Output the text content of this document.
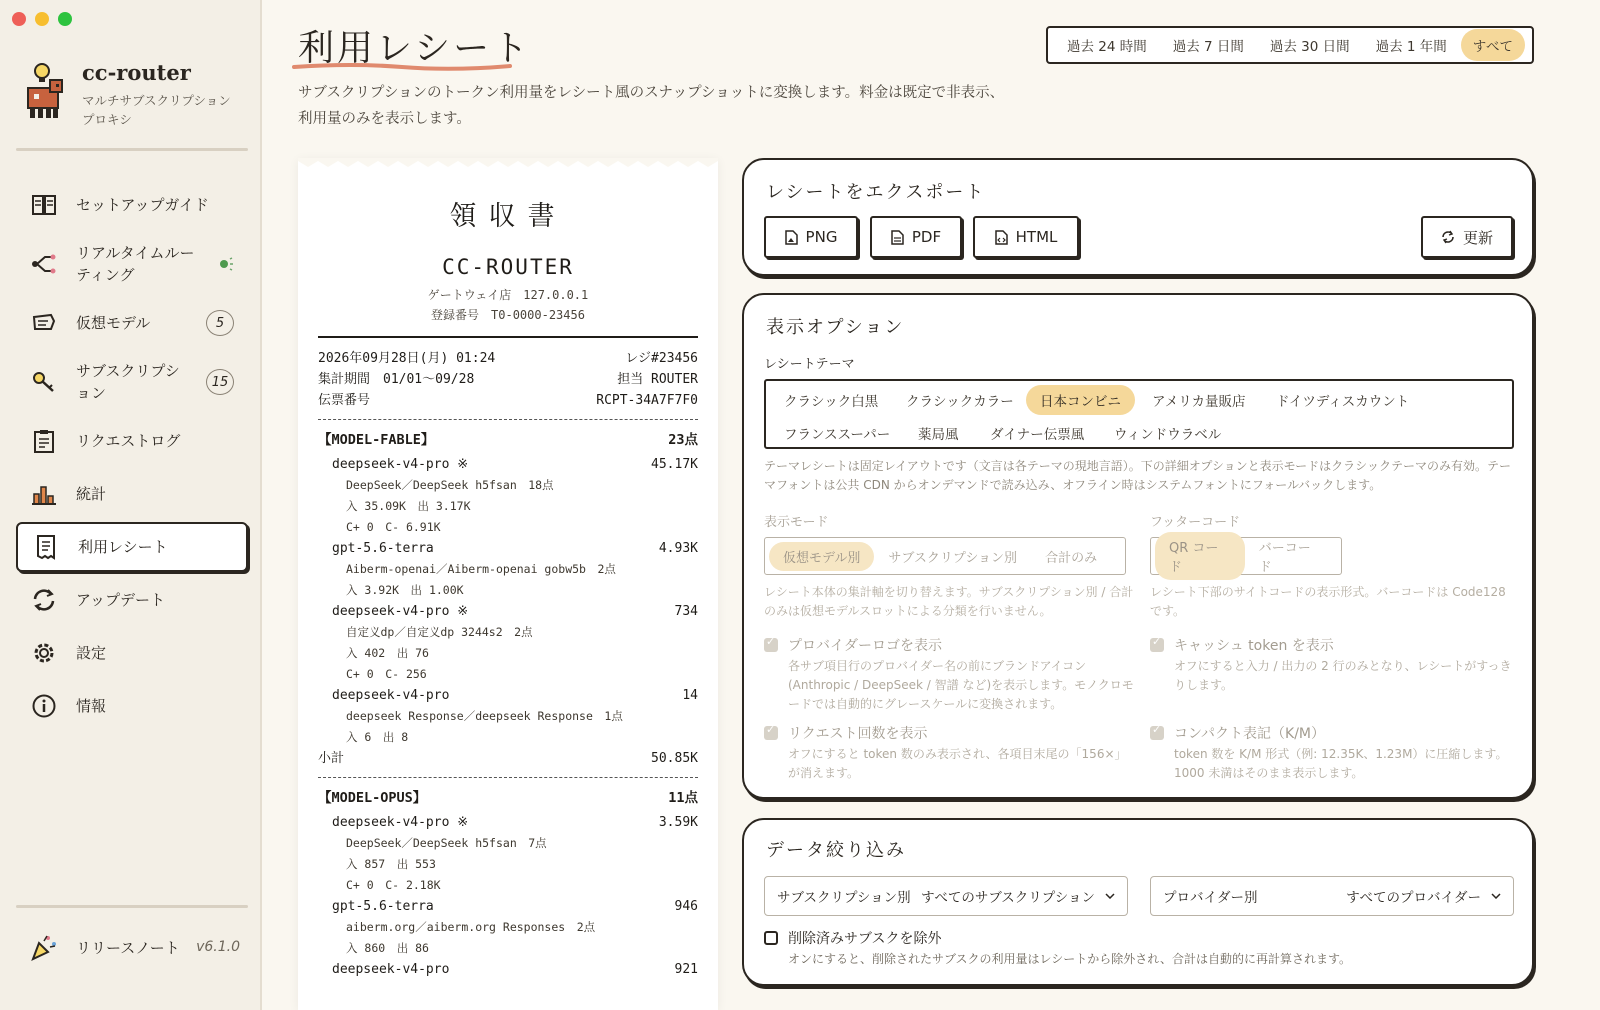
cc-router
マルチサブスクリプションプロキシ
セットアップガイド
リアルタイムルーティング
仮想モデル	5
サブスクリプション
15
リクエストログ
統計
利用レシート
アップデート
設定
情報
リリースノート v6.1.0
利用レシート
サブスクリプションのトークン利用量をレシート風のスナップショットに変換します。料金は既定で非表示、利用量のみを表示します。
過去 24 時間	過去 7 日間	過去 30 日間	過去 1 年間	すべて
領収書
CC-ROUTER
ゲートウェイ店　127.0.0.1
登録番号　T0-0000-23456
2026年09月28日(月) 01:24	レジ#23456
集計期間　01/01〜09/28	担当 ROUTER
伝票番号	RCPT-34A7F7F0
【MODEL-FABLE】	23点
deepseek-v4-pro ※	45.17K
DeepSeek／DeepSeek h5fsan　18点
入 35.09K　出 3.17K
C+ 0　C- 6.91K
gpt-5.6-terra	4.93K
Aiberm-openai／Aiberm-openai gobw5b　2点
入 3.92K　出 1.00K
deepseek-v4-pro ※	734
自定义dp／自定义dp 3244s2　2点
入 402　出 76
C+ 0　C- 256
deepseek-v4-pro	14
deepseek Response／deepseek Response　1点
入 6　出 8
小計	50.85K
【MODEL-OPUS】	11点
deepseek-v4-pro ※	3.59K
DeepSeek／DeepSeek h5fsan　7点
入 857　出 553
C+ 0　C- 2.18K
gpt-5.6-terra	946
aiberm.org／aiberm.org Responses　2点
入 860　出 86
deepseek-v4-pro	921
レシートをエクスポート
PNG	PDF	HTML	更新
表示オプション
レシートテーマ
クラシック白黒	クラシックカラー	日本コンビニ	アメリカ量販店	ドイツディスカウント
フランススーパー	薬局風	ダイナー伝票風	ウィンドウラベル
テーマレシートは固定レイアウトです（文言は各テーマの現地言語）。下の詳細オプションと表示モードはクラシックテーマのみ有効。テーマフォントは公共 CDN からオンデマンドで読み込み、オフライン時はシステムフォントにフォールバックします。
表示モード
仮想モデル別	サブスクリプション別	合計のみ
レシート本体の集計軸を切り替えます。サブスクリプション別 / 合計のみは仮想モデルスロットによる分類を行いません。
フッターコード
QR コード
バーコード
レシート下部のサイトコードの表示形式。バーコードは Code128 です。
✓
プロバイダーロゴを表示
各サブ項目行のプロバイダー名の前にブランドアイコン (Anthropic / DeepSeek / 智譜 など)を表示します。モノクロモードでは自動的にグレースケールに変換されます。
✓
キャッシュ token を表示
オフにすると入力 / 出力の 2 行のみとなり、レシートがすっきりします。
✓
リクエスト回数を表示
オフにすると token 数のみ表示され、各項目末尾の「156×」が消えます。
✓
コンパクト表記（K/M）
token 数を K/M 形式（例: 12.35K、1.23M）に圧縮します。1000 未満はそのまま表示します。
データ絞り込み
サブスクリプション別 すべてのサブスクリプション	プロバイダー別	すべてのプロバイダー
削除済みサブスクを除外
オンにすると、削除されたサブスクの利用量はレシートから除外され、合計は自動的に再計算されます。
